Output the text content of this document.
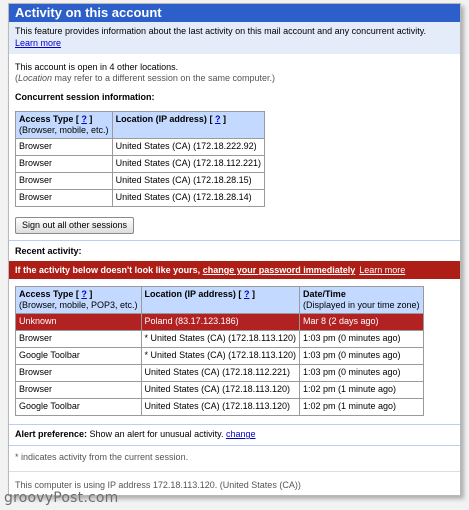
Activity on this account
This feature provides information about the last activity on this mail account and any concurrent activity.
Learn more
This account is open in 4 other locations.
(Location may refer to a different session on the same computer.)
Concurrent session information:
Access Type [ ? ]
(Browser, mobile, etc.)	Location (IP address) [ ? ]
Browser	United States (CA) (172.18.222.92)
Browser	United States (CA) (172.18.112.221)
Browser	United States (CA) (172.18.28.15)
Browser	United States (CA) (172.18.28.14)
Sign out all other sessions
Recent activity:
If the activity below doesn't look like yours, change your password immediately Learn more
Access Type [ ? ]
(Browser, mobile, POP3, etc.)	Location (IP address) [ ? ]	Date/Time
(Displayed in your time zone)
Unknown	Poland (83.17.123.186)	Mar 8 (2 days ago)
Browser	* United States (CA) (172.18.113.120)	1:03 pm (0 minutes ago)
Google Toolbar	* United States (CA) (172.18.113.120)	1:03 pm (0 minutes ago)
Browser	United States (CA) (172.18.112.221)	1:03 pm (0 minutes ago)
Browser	United States (CA) (172.18.113.120)	1:02 pm (1 minute ago)
Google Toolbar	United States (CA) (172.18.113.120)	1:02 pm (1 minute ago)
Alert preference: Show an alert for unusual activity. change
* indicates activity from the current session.
This computer is using IP address 172.18.113.120. (United States (CA))
groovyPost.com
